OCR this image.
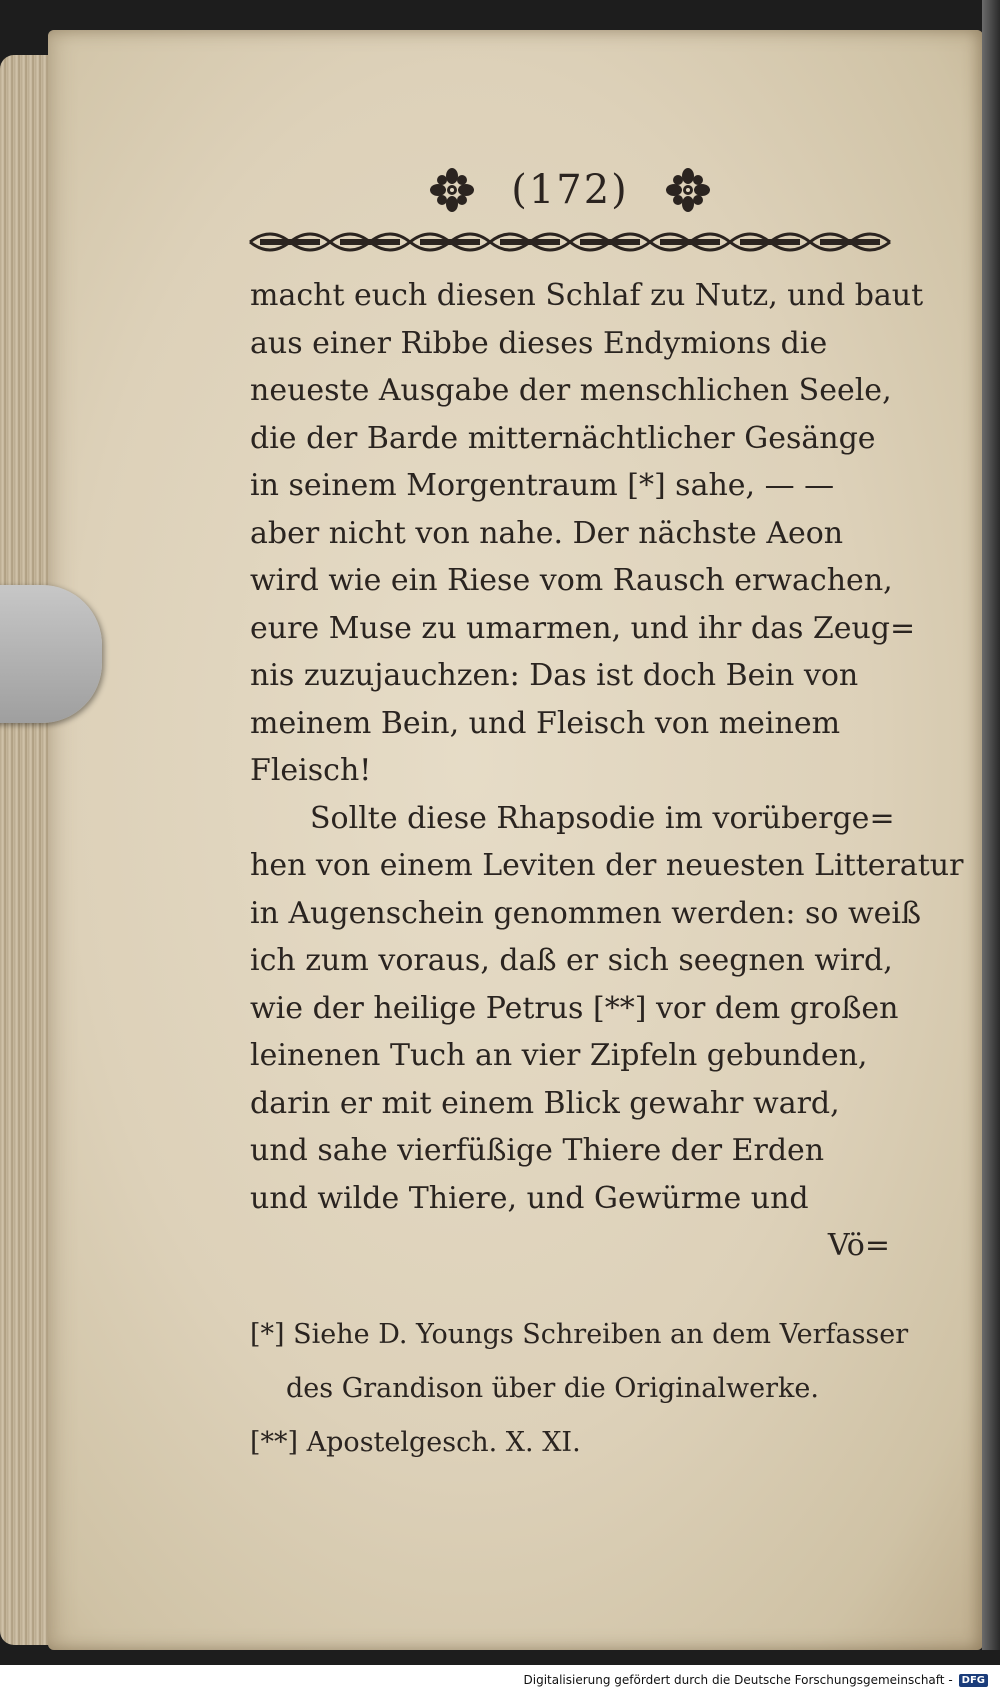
(172)
macht euch diesen Schlaf zu Nutz, und baut
aus einer Ribbe dieses Endymions die
neueste Ausgabe der menschlichen Seele,
die der Barde mitternächtlicher Gesänge
in seinem Morgentraum [*] sahe, — —
aber nicht von nahe. Der nächste Aeon
wird wie ein Riese vom Rausch erwachen,
eure Muse zu umarmen, und ihr das Zeug=
nis zuzujauchzen: Das ist doch Bein von
meinem Bein, und Fleisch von meinem
Fleisch!
Sollte diese Rhapsodie im vorüberge=
hen von einem Leviten der neuesten Litteratur
in Augenschein genommen werden: so weiß
ich zum voraus, daß er sich seegnen wird,
wie der heilige Petrus [**] vor dem großen
leinenen Tuch an vier Zipfeln gebunden,
darin er mit einem Blick gewahr ward,
und sahe vierfüßige Thiere der Erden
und wilde Thiere, und Gewürme und
Vö=
[*] Siehe D. Youngs Schreiben an dem Verfasser
des Grandison über die Originalwerke.
[**] Apostelgesch. X. XI.
Digitalisierung gefördert durch die Deutsche Forschungsgemeinschaft - DFG
